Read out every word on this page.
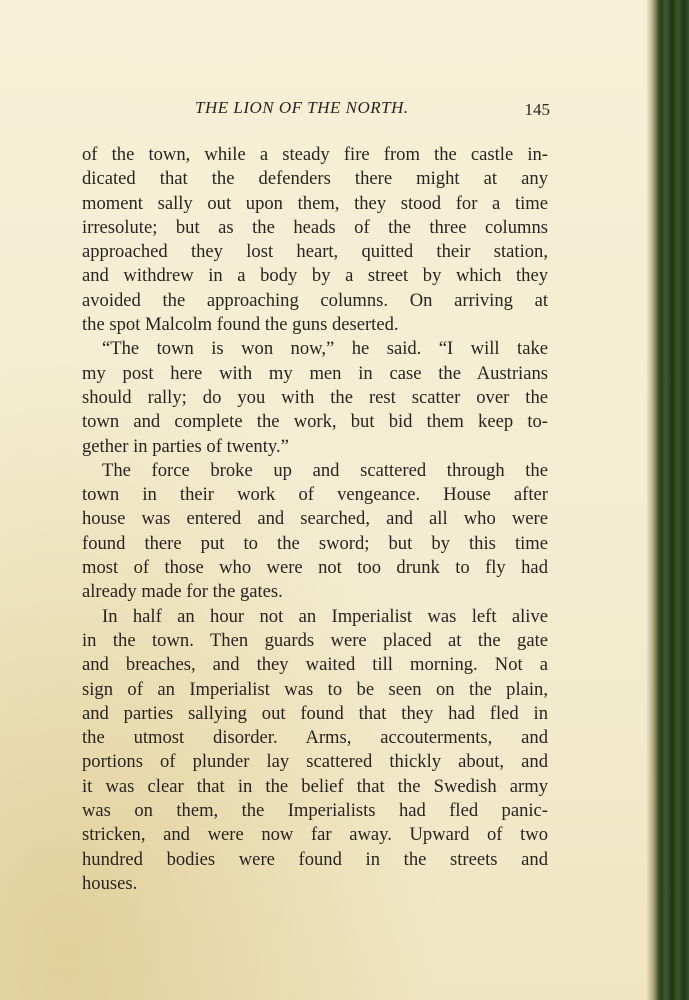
THE LION OF THE NORTH.	145
of the town, while a steady fire from the castle in-
dicated that the defenders there might at any
moment sally out upon them, they stood for a time
irresolute; but as the heads of the three columns
approached they lost heart, quitted their station,
and withdrew in a body by a street by which they
avoided the approaching columns. On arriving at
the spot Malcolm found the guns deserted.
“The town is won now,” he said. “I will take
my post here with my men in case the Austrians
should rally; do you with the rest scatter over the
town and complete the work, but bid them keep to-
gether in parties of twenty.”
The force broke up and scattered through the
town in their work of vengeance. House after
house was entered and searched, and all who were
found there put to the sword; but by this time
most of those who were not too drunk to fly had
already made for the gates.
In half an hour not an Imperialist was left alive
in the town. Then guards were placed at the gate
and breaches, and they waited till morning. Not a
sign of an Imperialist was to be seen on the plain,
and parties sallying out found that they had fled in
the utmost disorder. Arms, accouterments, and
portions of plunder lay scattered thickly about, and
it was clear that in the belief that the Swedish army
was on them, the Imperialists had fled panic-
stricken, and were now far away. Upward of two
hundred bodies were found in the streets and
houses.
